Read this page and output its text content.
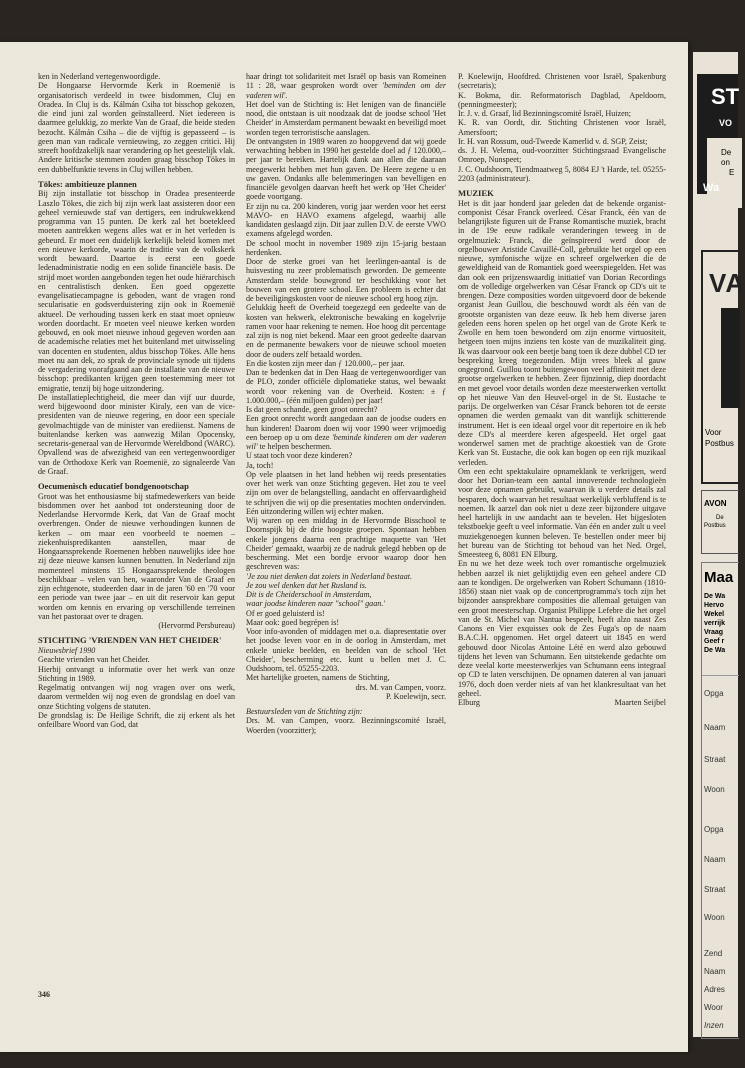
ken in Nederland vertegenwoordigde.

De Hongaarse Hervormde Kerk in Roemenië is organisatorisch verdeeld in twee bisdommen, Cluj en Oradea. In Cluj is ds. Kálmán Csiha tot bisschop gekozen, die eind juni zal worden geïnstalleerd. Niet iedereen is daarmee gelukkig, zo merkte Van de Graaf, die beide steden bezocht. Kálmán Csiha – die de vijftig is gepasseerd – is geen man van radicale vernieuwing, zo zeggen critici. Hij streeft hoofdzakelijk naar verandering op het geestelijk vlak. Andere kritische stemmen zouden graag bisschop Tökes in een dubbelfunktie tevens in Cluj willen hebben.

Tökes: ambitieuze plannen

Bij zijn installatie tot bisschop in Oradea presenteerde Laszlo Tökes, die zich bij zijn werk laat assisteren door een geheel vernieuwde staf van dertigers, een indrukwekkend programma van 15 punten. De kerk zal het boetekleed moeten aantrekken wegens alles wat er in het verleden is gebeurd. Er moet een duidelijk kerkelijk beleid komen met een nieuwe kerkorde, waarin de traditie van de volkskerk wordt bewaard. Daartoe is eerst een goede ledenadministratie nodig en een solide financiële basis. De strijd moet worden aangebonden tegen het oude hiërarchisch en centralistisch denken. Een goed opgezette evangelisatiecampagne is geboden, want de vragen rond secularisatie en godsverduistering zijn ook in Roemenië aktueel. De verhouding tussen kerk en staat moet opnieuw worden doordacht. Er moeten veel nieuwe kerken worden gebouwd, en ook moet nieuwe inhoud gegeven worden aan de academische relaties met het buitenland met uitwisseling van docenten en studenten, aldus bisschop Tökes. Alle hens moet nu aan dek, zo sprak de provinciale synode uit tijdens de vergadering voorafgaand aan de installatie van de nieuwe bisschop: predikanten krijgen geen toestemming meer tot emigratie, tenzij bij hoge uitzondering.

De installatieplechtigheid, die meer dan vijf uur duurde, werd bijgewoond door minister Kiraly, een van de vice-presidenten van de nieuwe regering, en door een speciale gevolmachtigde van de minister van erediienst. Namens de buitenlandse kerken was aanwezig Milan Opocensky, secretaris-generaal van de Hervormde Wereldbond (WARC). Opvallend was de afwezigheid van een vertegenwoordiger van de Orthodoxe Kerk van Roemenië, zo signaleerde Van de Graaf.

Oecumenisch educatief bondgenootschap

Groot was het enthousiasme bij stafmedewerkers van beide bisdommen over het aanbod tot ondersteuning door de Nederlandse Hervormde Kerk, dat Van de Graaf mocht overbrengen. Onder de nieuwe verhoudingen kunnen de kerken – om maar een voorbeeld te noemen – ziekenhuispredikanten aanstellen, maar de Hongaarssprekende Roemenen hebben nauwelijks idee hoe zij deze nieuwe kansen kunnen benutten. In Nederland zijn momenteel minstens 15 Hongaarssprekende theologen beschikbaar – velen van hen, waaronder Van de Graaf en zijn echtgenote, studeerden daar in de jaren '60 en '70 voor een periode van twee jaar – en uit dit reservoir kan geput worden om kennis en ervaring op verschillende terreinen van het pastoraat over te dragen.

(Hervormd Persbureau)

STICHTING 'VRIENDEN VAN HET CHEIDER'

Nieuwsbrief 1990

Geachte vrienden van het Cheider.

Hierbij ontvangt u informatie over het werk van onze Stichting in 1989.

Regelmatig ontvangen wij nog vragen over ons werk, daarom vermelden wij nog even de grondslag en doel van onze Stichting volgens de statuten.

De grondslag is: De Heilige Schrift, die zij erkent als het onfeilbare Woord van God, dat

haar dringt tot solidariteit met Israël op basis van Romeinen 11 : 28, waar gesproken wordt over 'beminden om der vaderen wil'.

Het doel van de Stichting is: Het lenigen van de financiële nood, die ontstaan is uit noodzaak dat de joodse school 'Het Cheider' in Amsterdam permanent bewaakt en beveiligd moet worden tegen terroristische aanslagen.

De ontvangsten in 1989 waren zo hoopgevend dat wij goede verwachting hebben in 1990 het gestelde doel ad ƒ 120.000,– per jaar te bereiken. Hartelijk dank aan allen die daaraan meegewerkt hebben met hun gaven. De Heere zegene u en uw gaven. Ondanks alle belemmeringen van bevelligen en financiële gevolgen daarvan heeft het werk op 'Het Cheider' goede voortgang.

Er zijn nu ca. 200 kinderen, vorig jaar werden voor het eerst MAVO- en HAVO examens afgelegd, waarbij alle kandidaten geslaagd zijn. Dit jaar zullen D.V. de eerste VWO examens afgelegd worden.

De school mocht in november 1989 zijn 15-jarig bestaan herdenken.

Door de sterke groei van het leerlingen-aantal is de huisvesting nu zeer problematisch geworden. De gemeente Amsterdam stelde bouwgrond ter beschikking voor het bouwen van een grotere school. Een probleem is echter dat de beveiligingskosten voor de nieuwe school erg hoog zijn.

Gelukkig heeft de Overheid toegezegd een gedeelte van de kosten van hekwerk, elektronische bewaking en kogelvrije ramen voor haar rekening te nemen. Hoe hoog dit percentage zal zijn is nog niet bekend. Maar een groot gedeelte daarvan en de permanente bewakers voor de nieuwe school moeten door de ouders zelf betaald worden.

En die kosten zijn meer dan ƒ 120.000,– per jaar.

Dan te bedenken dat in Den Haag de vertegenwoordiger van de PLO, zonder officiële diplomatieke status, wel bewaakt wordt voor rekening van de Overheid. Kosten: ± ƒ 1.000.000,– (één miljoen gulden) per jaar!

Is dat geen schande, geen groot onrecht?

Een groot onrecht wordt aangedaan aan de joodse ouders en hun kinderen! Daarom doen wij voor 1990 weer vrijmoedig een beroep op u om deze 'beminde kinderen om der vaderen wil' te helpen beschermen.

U staat toch voor deze kinderen?

Ja, toch!

Op vele plaatsen in het land hebben wij reeds presentaties over het werk van onze Stichting gegeven. Het zou te veel zijn om over de belangstelling, aandacht en offervaardigheid te schrijven die wij op die presentaties mochten ondervinden. Eén uitzondering willen wij echter maken.

Wij waren op een middag in de Hervormde Bisschool te Doornspijk bij de drie hoogste groepen. Spontaan hebben enkele jongens daarna een prachtige maquette van 'Het Cheider' gemaakt, waarbij ze de nadruk gelegd hebben op de bescherming. Met een bordje ervoor waarop door hen geschreven was:

'Je zou niet denken dat zoiets in Nederland bestaat.

Je zou wel denken dat het Rusland is.

Dit is de Cheiderschool in Amsterdam,

waar joodse kinderen naar "school" gaan.'

Of er goed geluisterd is!

Maar ook: goed begrépen is!

Voor info-avonden of middagen met o.a. diapresentatie over het joodse leven voor en in de oorlog in Amsterdam, met enkele unieke beelden, en beelden van de school 'Het Cheider', bescherming etc. kunt u bellen met J. C. Oudshoorn, tel. 05255-2203.

Met hartelijke groeten, namens de Stichting,

drs. M. van Campen, voorz.

P. Koelewijn, secr.

Bestuursleden van de Stichting zijn:

Drs. M. van Campen, voorz. Bezinningscomité Israël, Woerden (voorzitter);

P. Koelewijn, Hoofdred. Christenen voor Israël, Spakenburg (secretaris);

K. Bokma, dir. Reformatorisch Dagblad, Apeldoorn, (penningmeester);

Ir. J. v. d. Graaf, lid Bezinningscomité Israël, Huizen;

K. R. van Oordt, dir. Stichting Christenen voor Israël, Amersfoort;

Ir. H. van Rossum, oud-Tweede Kamerlid v. d. SGP, Zeist;

ds. J. H. Velema, oud-voorzitter Stichtingsraad Evangelische Omroep, Nunspeet;

J. C. Oudshoorn, Tiendmaatweg 5, 8084 EJ 't Harde, tel. 05255-2203 (administrateur).

MUZIEK

Het is dit jaar honderd jaar geleden dat de bekende organist-componist César Franck overleed. César Franck, één van de belangrijkste figuren uit de Franse Romantische muziek, bracht in de 19e eeuw radikale veranderingen teweeg in de orgelmuziek: Franck, die geïnspireerd werd door de orgelbouwer Aristide Cavaillé-Coll, gebruikte het orgel op een nieuwe, symfonische wijze en schreef orgelwerken die de geweldigheid van de Romantiek goed weerspiegelden. Het was dan ook een prijzenswaardig initiatief van Dorian Recordings om de volledige orgelwerken van César Franck op CD's uit te brengen. Deze composities worden uitgevoerd door de bekende organist Jean Guillou, die beschouwd wordt als één van de grootste organisten van deze eeuw. Ik heb hem diverse jaren geleden eens horen spelen op het orgel van de Grote Kerk te Zwolle en hem toen bewonderd om zijn enorme virtuositeit, hetgeen toen mijns inziens ten koste van de muzikaliteit ging. Ik was daarvoor ook een beetje bang toen ik deze dubbel CD ter bespreking kreeg toegezonden. Mijn vrees bleek al gauw ongegrond. Guillou toont buitengewoon veel affiniteit met deze grootse orgelwerken te hebben. Zeer fijnzinnig, diep doordacht en met gevoel voor details worden deze meesterwerken vertolkt op het nieuwe Van den Heuvel-orgel in de St. Eustache te parijs. De orgelwerken van César Franck behoren tot de eerste opnamen die werden gemaakt van dit wanrlijk schitterende instrument. Het is een ideaal orgel voor dit repertoire en ik heb deze CD's al meerdere keren afgespeeld. Het orgel gaat wonderwel samen met de prachtige akoestiek van de Grote Kerk van St. Eustache, die ook kan bogen op een rijk muzikaal verleden.

Om een echt spektakulaire opnameklank te verkrijgen, werd door het Dorian-team een aantal innoverende technologieën voor deze opnamen gebruikt, waarvan ik u verdere details zal besparen, doch waarvan het resultaat werkelijk verbluffend is te noemen. Ik aarzel dan ook niet u deze zeer bijzondere uitgave heel hartelijk in uw aandacht aan te bevelen. Het bijgesloten tekstboekje geeft u veel informatie. Van één en ander zult u veel muziekgenoegen kunnen beleven. Te bestellen onder meer bij het bureau van de Stichting tot behoud van het Ned. Orgel, Smeesteeg 6, 8081 EN Elburg.

En nu we het deze week toch over romantische orgelmuziek hebben aarzel ik niet gelijktijdig even een geheel andere CD aan te kondigen. De orgelwerken van Robert Schumann (1810-1856) staan niet vaak op de concertprogramma's toch zijn het bijzonder aansprekbare composities die allemaal getuigen van een groot meesterschap. Organist Philippe Lefebre die het orgel van de St. Michel van Nantua bespeelt, heeft alzo naast Zes Canons en Vier exquisses ook de Zes Fuga's op de naam B.A.C.H. opgenomen. Het orgel dateert uit 1845 en werd gebouwd door Nicolas Antoine Lété en werd alzo gebouwd tijdens het leven van Schumann. Een uitstekende gedachte om deze veelal korte meesterwerkjes van Schumann eens integraal op CD te laten verschijnen. De opnamen dateren al van januari 1976, doch doen verder niets af van het klankresultaat van het geheel.

Elburg	Maarten Seijbel
346
ST
VO
De
on
E
Wa
VA
Voor
Postbus
AVON
De
Postbus
Maa
De Wa
Hervo
Wekel
verrijk
Vraag
Geef r
De Wa
Opga
Naam
Straat
Woon
Opga
Naam
Straat
Woon
Zend
Naam
Adres
Woor
Inzen
